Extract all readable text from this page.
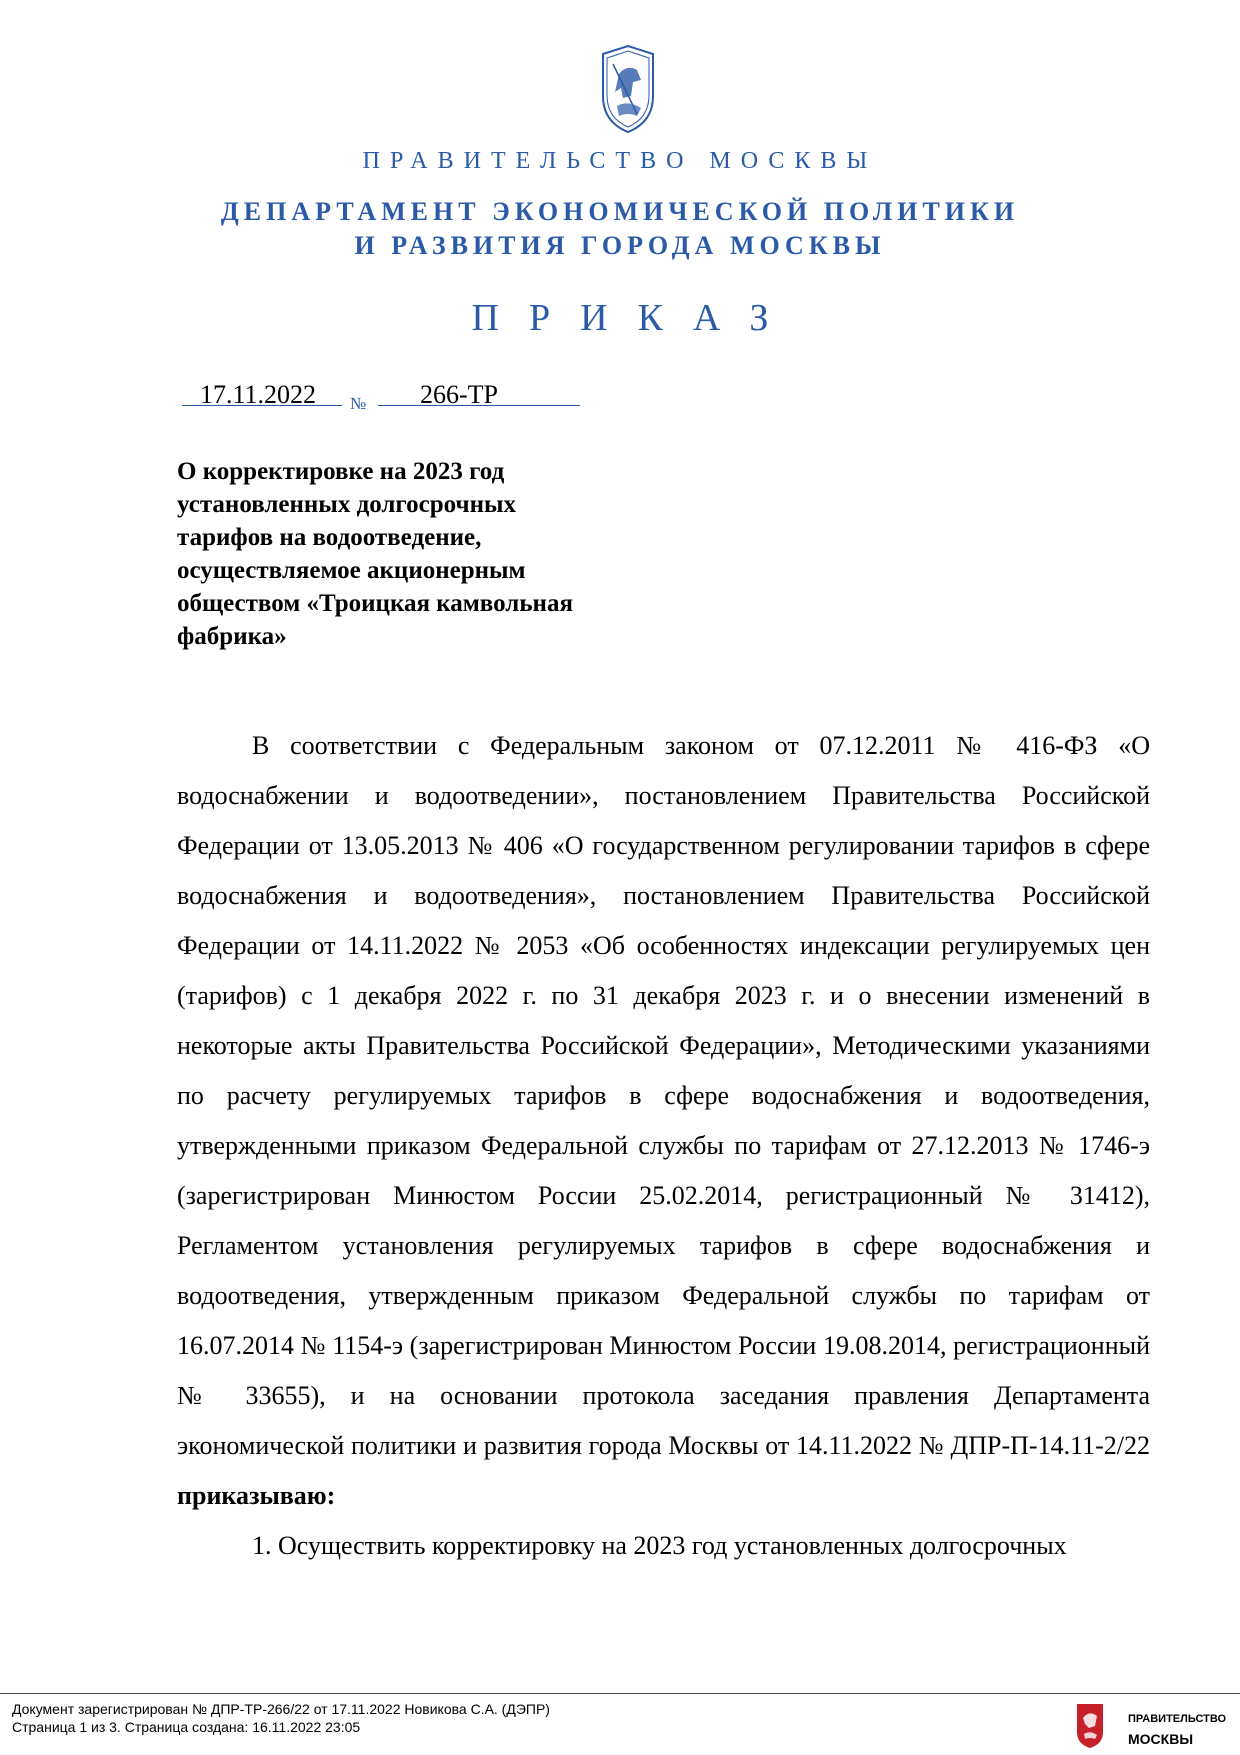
ПРАВИТЕЛЬСТВО МОСКВЫ
ДЕПАРТАМЕНТ ЭКОНОМИЧЕСКОЙ ПОЛИТИКИ
И РАЗВИТИЯ ГОРОДА МОСКВЫ
ПРИКАЗ
17.11.2022 № 266-ТР
О корректировке на 2023 год установленных долгосрочных тарифов на водоотведение, осуществляемое акционерным обществом «Троицкая камвольная фабрика»

В соответствии с Федеральным законом от 07.12.2011 № 416-ФЗ «О водоснабжении и водоотведении», постановлением Правительства Российской Федерации от 13.05.2013 № 406 «О государственном регулировании тарифов в сфере водоснабжения и водоотведения», постановлением Правительства Российской Федерации от 14.11.2022 № 2053 «Об особенностях индексации регулируемых цен (тарифов) с 1 декабря 2022 г. по 31 декабря 2023 г. и о внесении изменений в некоторые акты Правительства Российской Федерации», Методическими указаниями по расчету регулируемых тарифов в сфере водоснабжения и водоотведения, утвержденными приказом Федеральной службы по тарифам от 27.12.2013 № 1746-э (зарегистрирован Минюстом России 25.02.2014, регистрационный № 31412), Регламентом установления регулируемых тарифов в сфере водоснабжения и водоотведения, утвержденным приказом Федеральной службы по тарифам от 16.07.2014 № 1154-э (зарегистрирован Минюстом России 19.08.2014, регистрационный № 33655), и на основании протокола заседания правления Департамента экономической политики и развития города Москвы от 14.11.2022 № ДПР-П-14.11-2/22 приказываю:

1. Осуществить корректировку на 2023 год установленных долгосрочных

Документ зарегистрирован № ДПР-ТР-266/22 от 17.11.2022 Новикова С.А. (ДЭПР)
Страница 1 из 3. Страница создана: 16.11.2022 23:05	ПРАВИТЕЛЬСТВО
МОСКВЫ
